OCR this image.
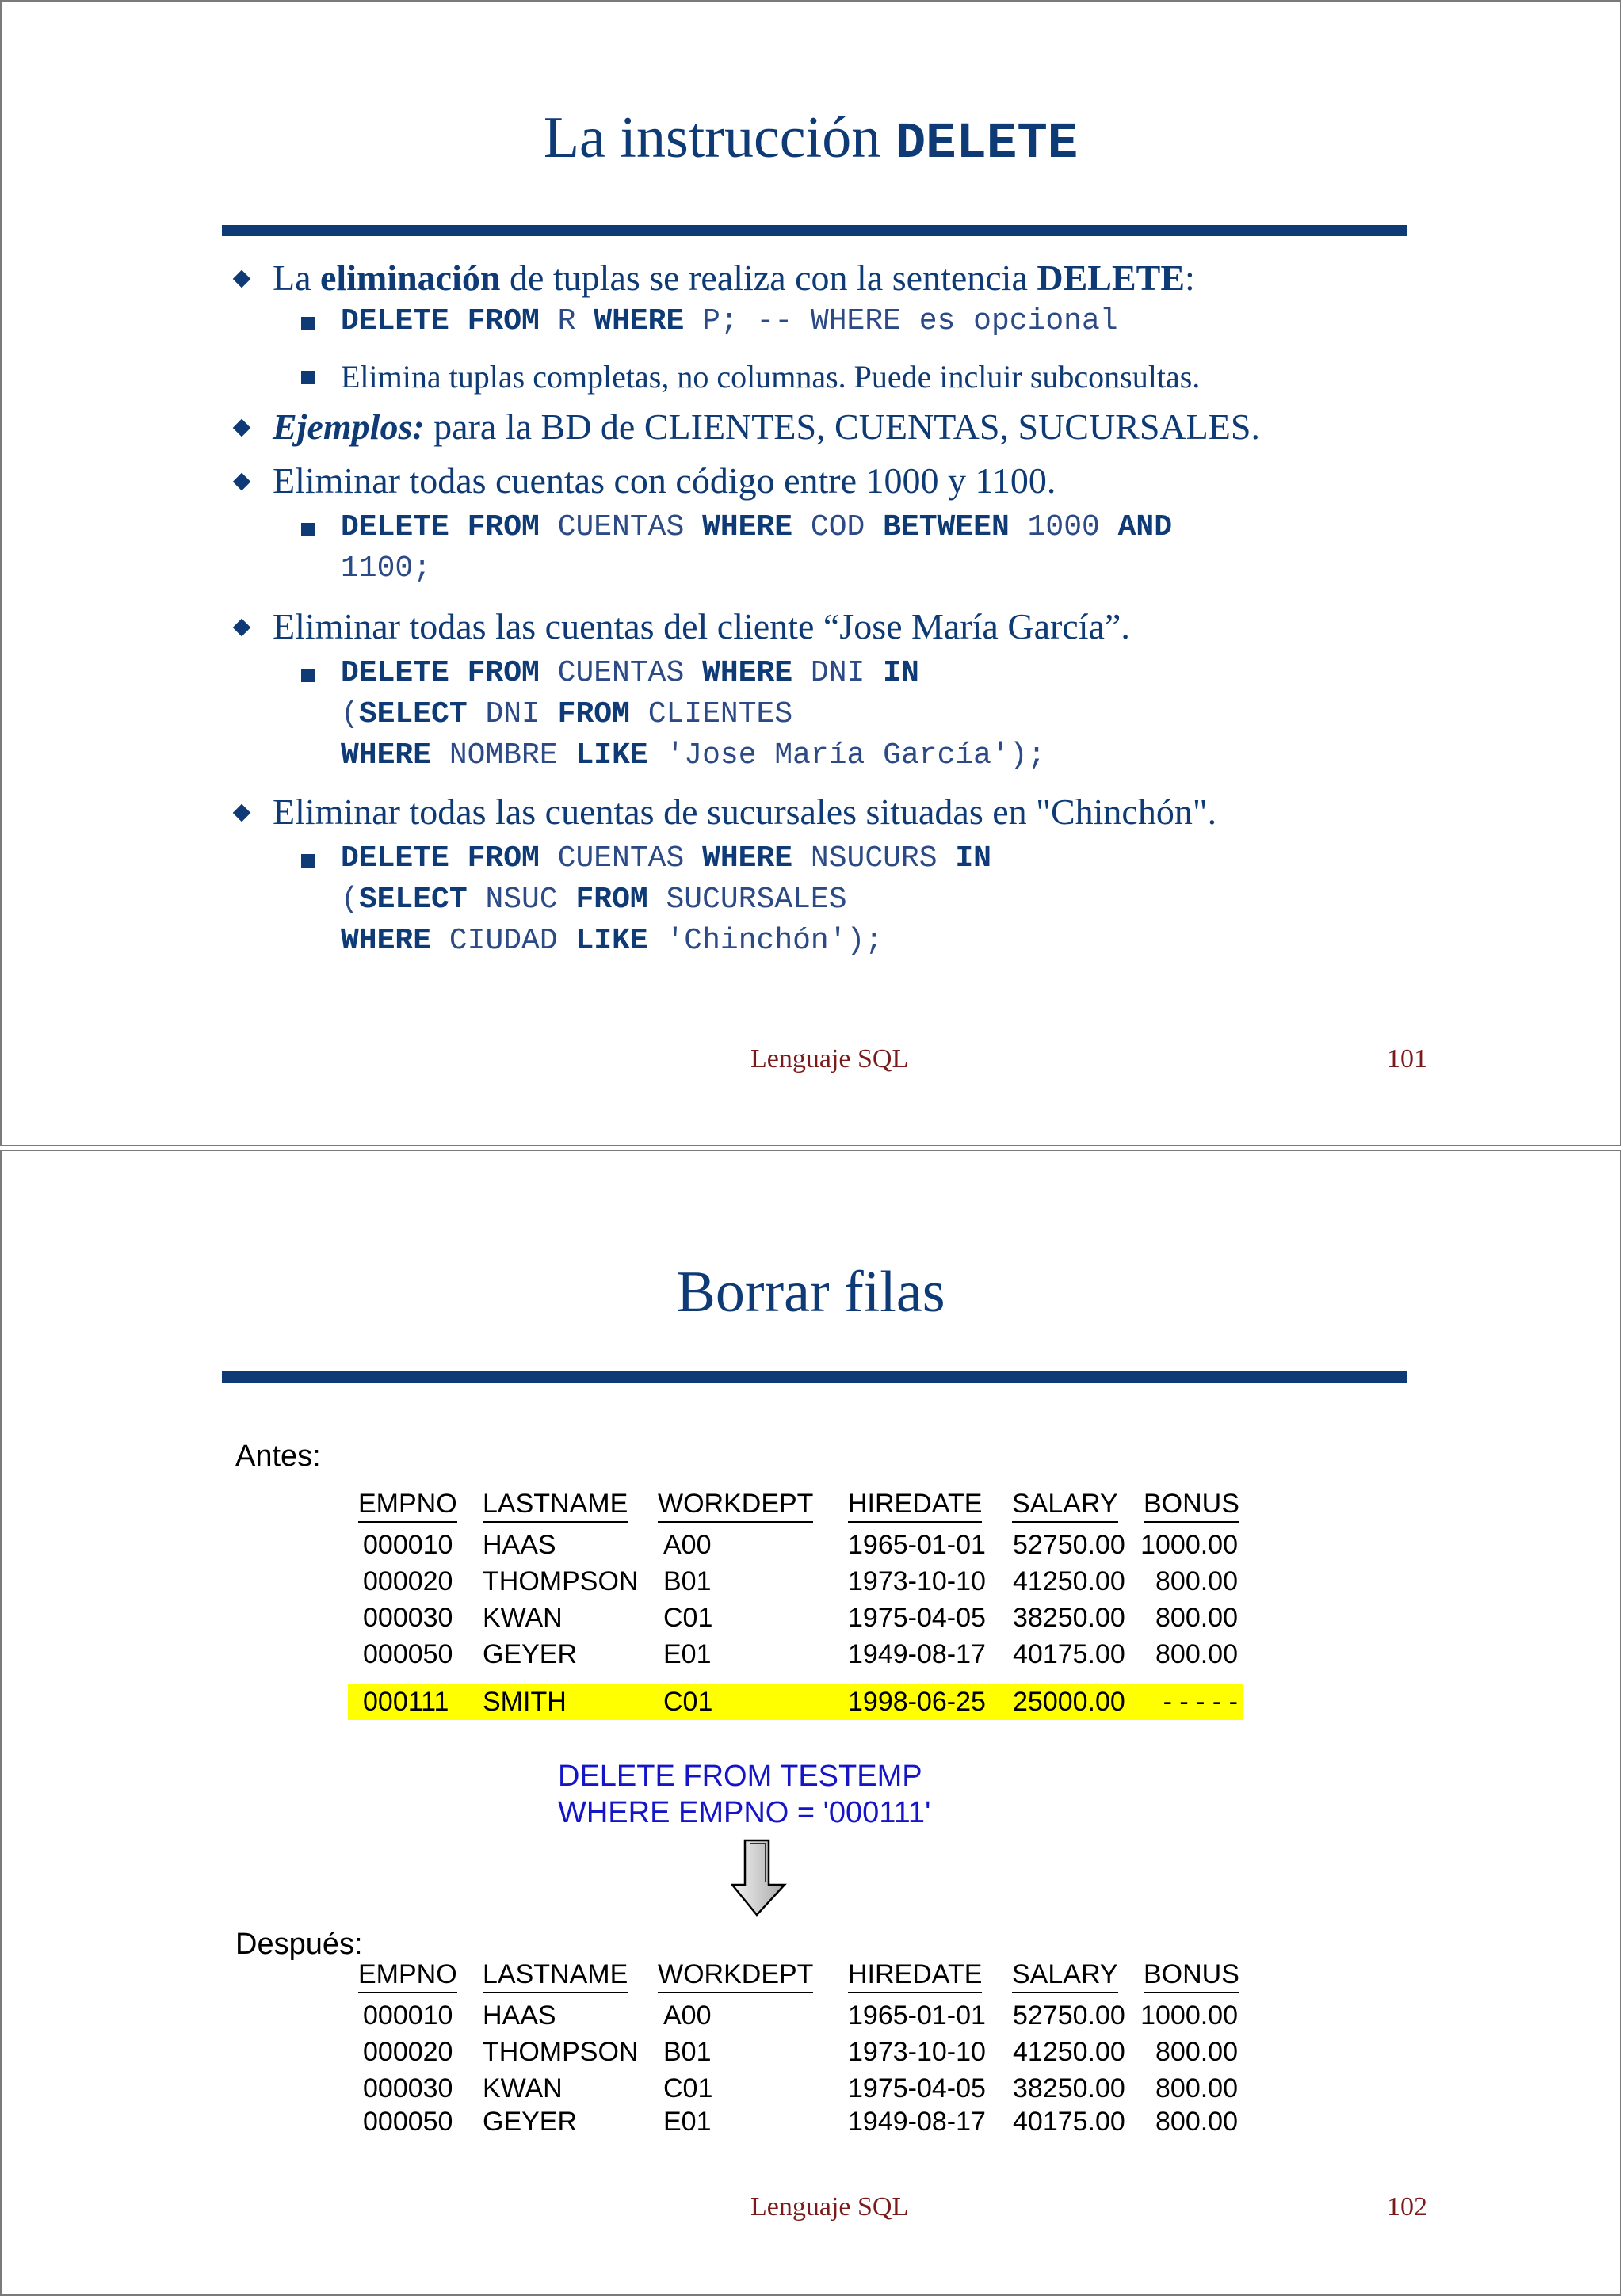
La instrucción DELETE
La eliminación de tuplas se realiza con la sentencia DELETE:
DELETE FROM R WHERE P; -- WHERE es opcional
Elimina tuplas completas, no columnas. Puede incluir subconsultas.
Ejemplos: para la BD de CLIENTES, CUENTAS, SUCURSALES.
Eliminar todas cuentas con código entre 1000 y 1100.
DELETE FROM CUENTAS WHERE COD BETWEEN 1000 AND
1100;
Eliminar todas las cuentas del cliente “Jose María García”.
DELETE FROM CUENTAS WHERE DNI IN
(SELECT DNI FROM CLIENTES
WHERE NOMBRE LIKE 'Jose María García');
Eliminar todas las cuentas de sucursales situadas en "Chinchón".
DELETE FROM CUENTAS WHERE NSUCURS IN
(SELECT NSUC FROM SUCURSALES
WHERE CIUDAD LIKE 'Chinchón');
Lenguaje SQL	101
Borrar filas
Antes:
EMPNO LASTNAME WORKDEPT HIREDATE SALARY BONUS
000010 HAAS	A00	1965-01-01 52750.00 1000.00
000020 THOMPSON B01	1973-10-10 41250.00 800.00
000030 KWAN	C01	1975-04-05 38250.00 800.00
000050 GEYER	E01	1949-08-17 40175.00 800.00
000111 SMITH	C01	1998-06-25 25000.00 - - - - -
DELETE FROM TESTEMP
WHERE EMPNO = '000111'
Después:
EMPNO LASTNAME WORKDEPT HIREDATE SALARY BONUS
000010 HAAS	A00	1965-01-01 52750.00 1000.00
000020 THOMPSON B01	1973-10-10 41250.00 800.00
000030 KWAN	C01	1975-04-05 38250.00 800.00
000050 GEYER	E01	1949-08-17 40175.00 800.00
Lenguaje SQL	102
